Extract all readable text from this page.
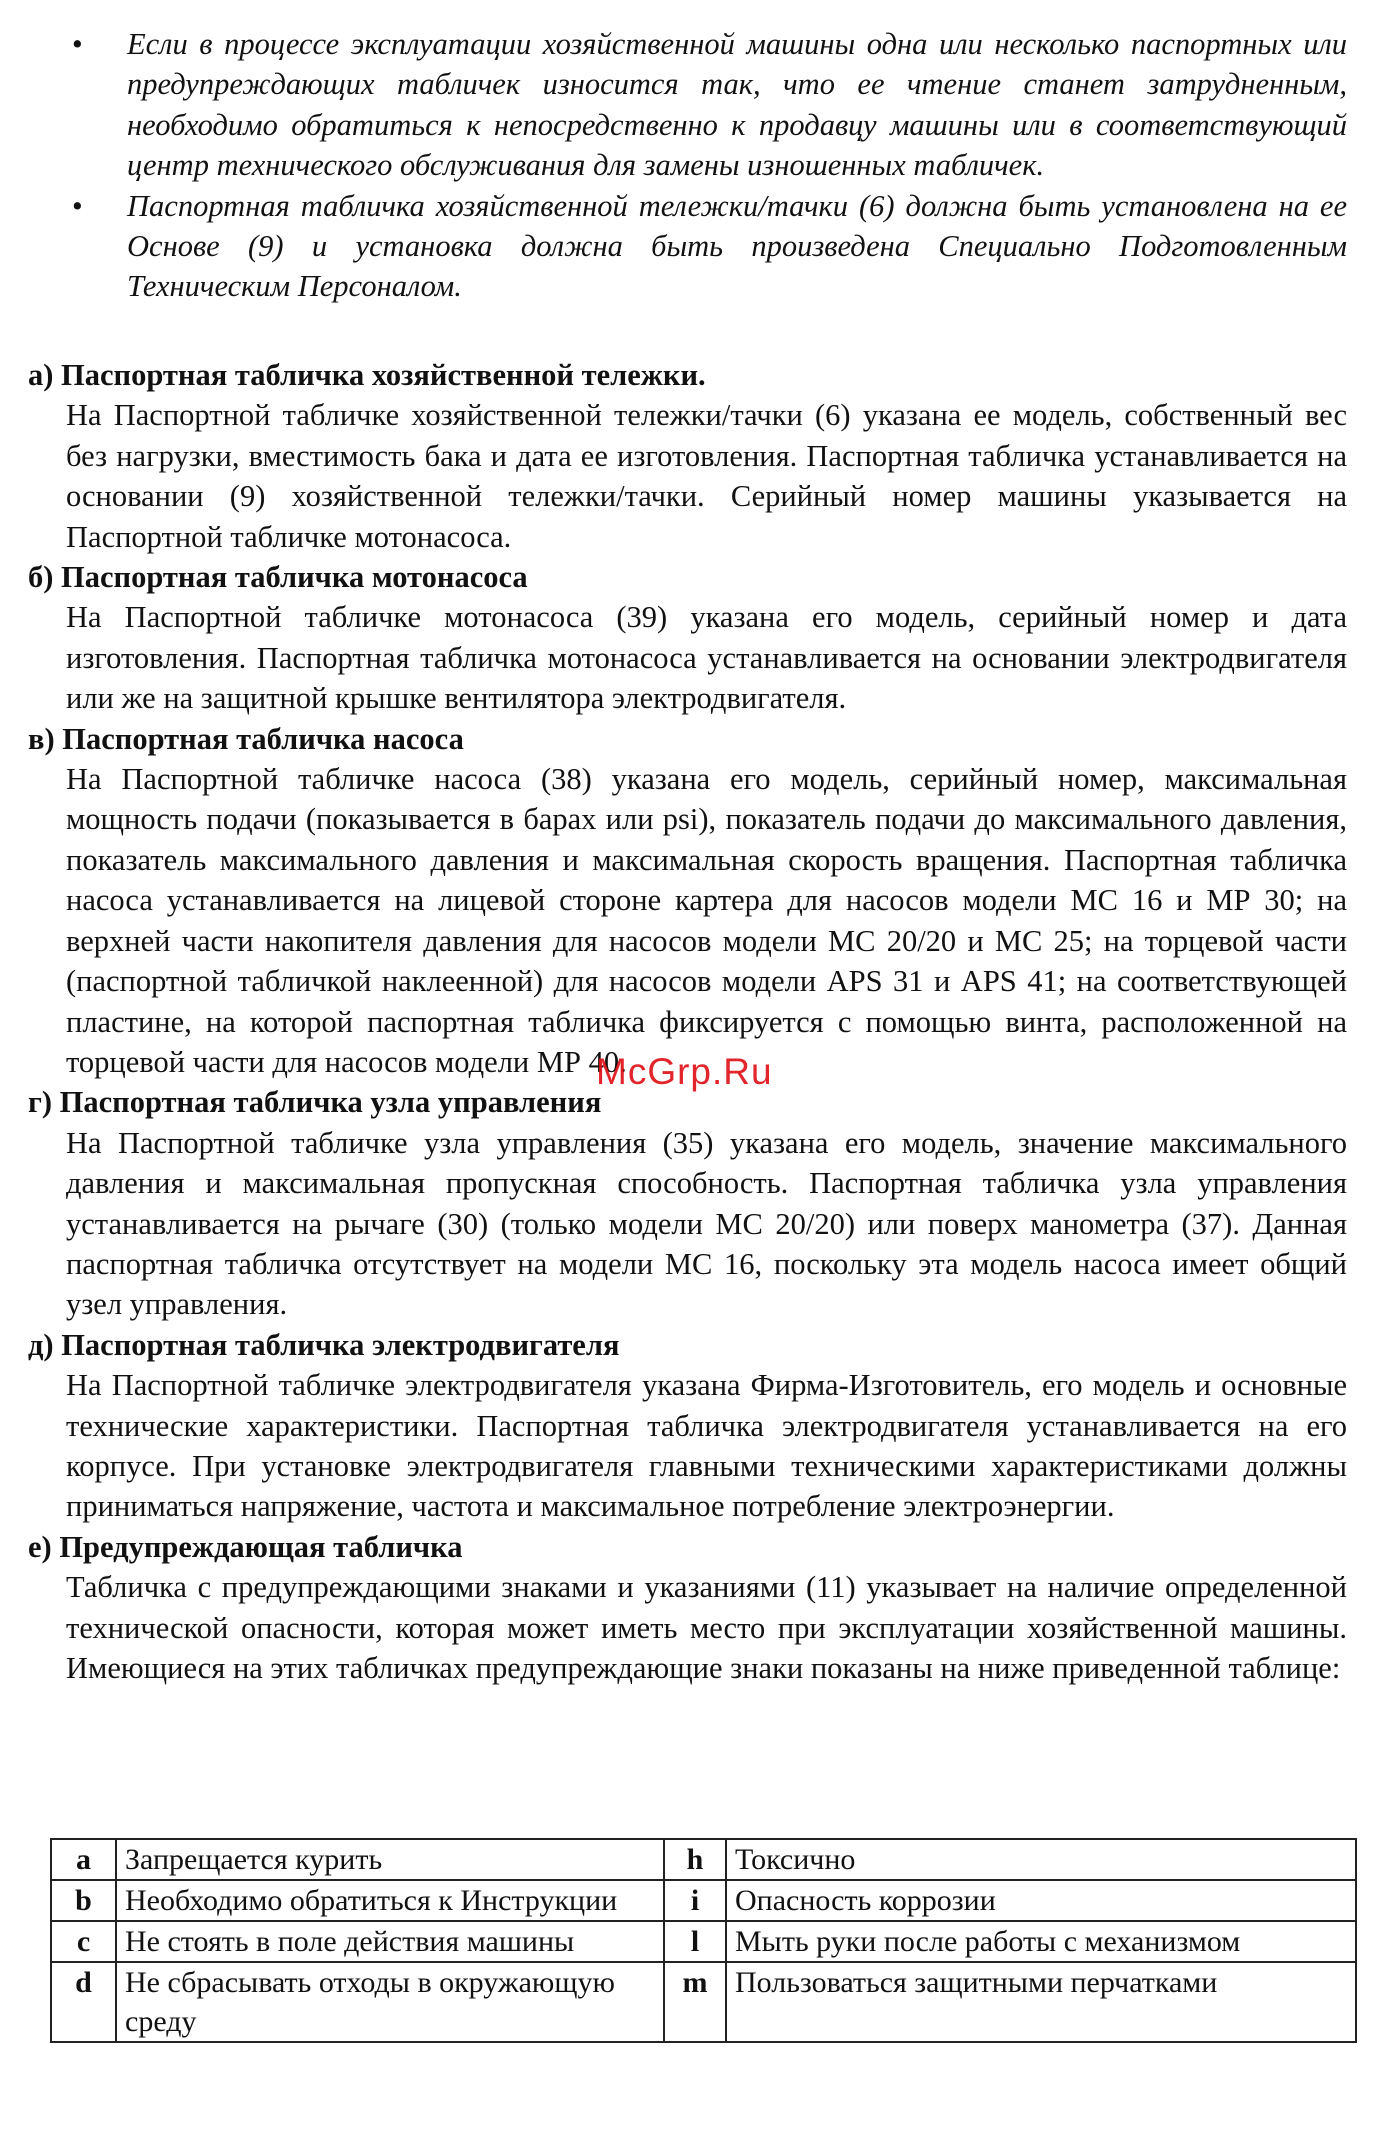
• Если в процессе эксплуатации хозяйственной машины одна или несколько паспортных или предупреждающих табличек износится так, что ее чтение станет затрудненным, необходимо обратиться к непосредственно к продавцу машины или в соответствующий центр технического обслуживания для замены изношенных табличек.
• Паспортная табличка хозяйственной тележки/тачки (6) должна быть установлена на ее Основе (9) и установка должна быть произведена Специально Подготовленным Техническим Персоналом.
а) Паспортная табличка хозяйственной тележки.
На Паспортной табличке хозяйственной тележки/тачки (6) указана ее модель, собственный вес без нагрузки, вместимость бака и дата ее изготовления. Паспортная табличка устанавливается на основании (9) хозяйственной тележки/тачки. Серийный номер машины указывается на Паспортной табличке мотонасоса.
б) Паспортная табличка мотонасоса
На Паспортной табличке мотонасоса (39) указана его модель, серийный номер и дата изготовления. Паспортная табличка мотонасоса устанавливается на основании электродвигателя или же на защитной крышке вентилятора электродвигателя.
в) Паспортная табличка насоса
На Паспортной табличке насоса (38) указана его модель, серийный номер, максимальная мощность подачи (показывается в барах или psi), показатель подачи до максимального давления, показатель максимального давления и максимальная скорость вращения. Паспортная табличка насоса устанавливается на лицевой стороне картера для насосов модели МС 16 и МР 30; на верхней части накопителя давления для насосов модели МС 20/20 и МС 25; на торцевой части (паспортной табличкой наклеенной) для насосов модели APS 31 и APS 41; на соответствующей пластине, на которой паспортная табличка фиксируется с помощью винта, расположенной на торцевой части для насосов модели МР 40.
г) Паспортная табличка узла управления
На Паспортной табличке узла управления (35) указана его модель, значение максимального давления и максимальная пропускная способность. Паспортная табличка узла управления устанавливается на рычаге (30) (только модели МС 20/20) или поверх манометра (37). Данная паспортная табличка отсутствует на модели МС 16, поскольку эта модель насоса имеет общий узел управления.
д) Паспортная табличка электродвигателя
На Паспортной табличке электродвигателя указана Фирма-Изготовитель, его модель и основные технические характеристики. Паспортная табличка электродвигателя устанавливается на его корпусе. При установке электродвигателя главными техническими характеристиками должны приниматься напряжение, частота и максимальное потребление электроэнергии.
е) Предупреждающая табличка
Табличка с предупреждающими знаками и указаниями (11) указывает на наличие определенной технической опасности, которая может иметь место при эксплуатации хозяйственной машины. Имеющиеся на этих табличках предупреждающие знаки показаны на ниже приведенной таблице:
McGrp.Ru
a	Запрещается курить	h	Токсично
b	Необходимо обратиться к Инструкции	i	Опасность коррозии
c	Не стоять в поле действия машины	l	Мыть руки после работы с механизмом
d	Не сбрасывать отходы в окружающую среду	m	Пользоваться защитными перчатками
